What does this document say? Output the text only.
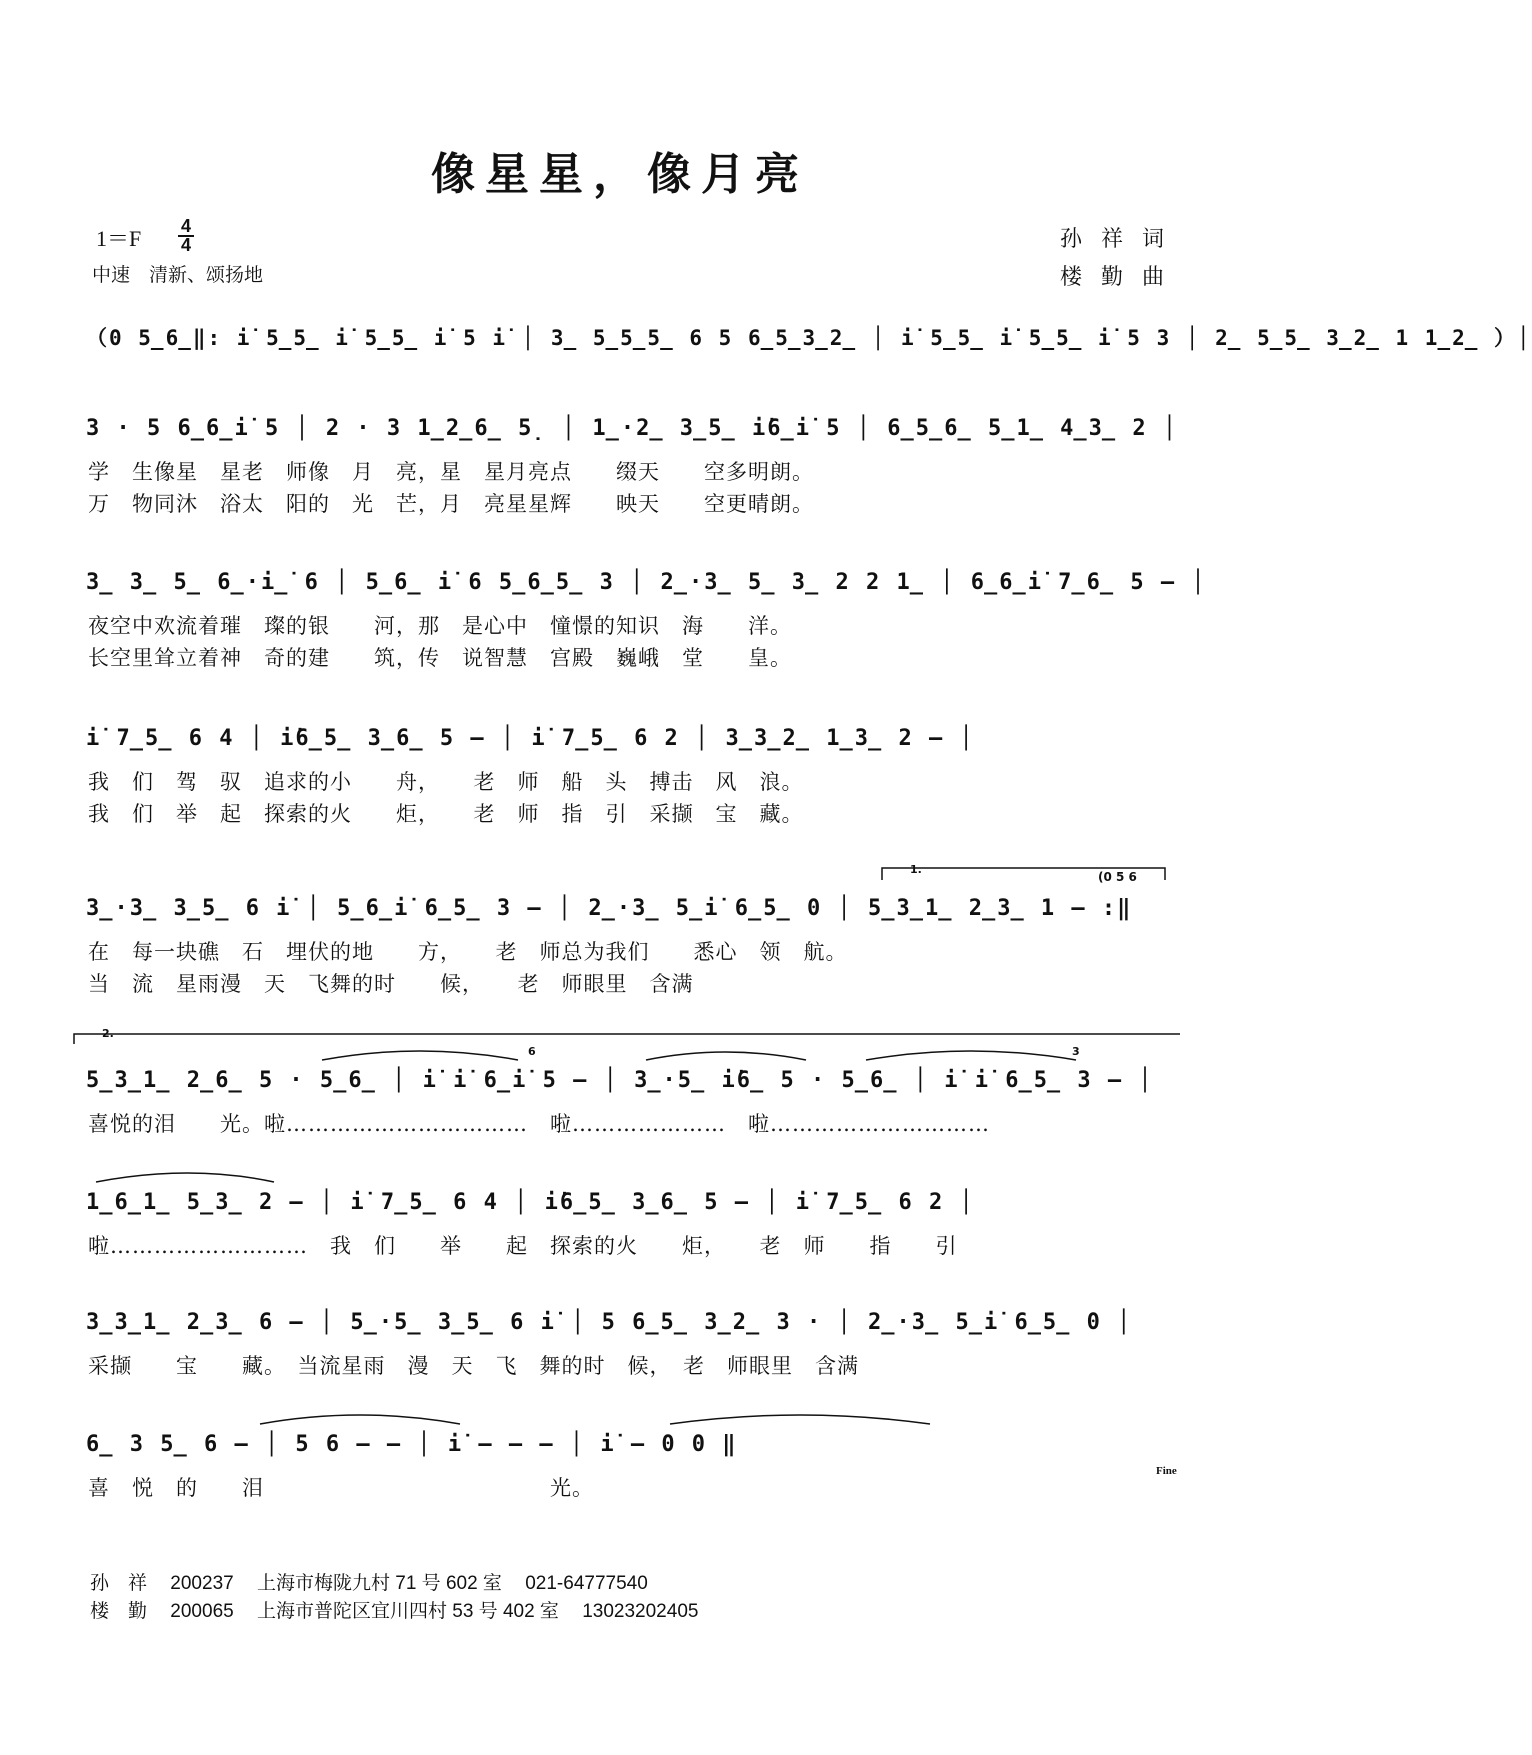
像星星，像月亮
1＝F 4
4
中速　清新、颂扬地
孙 祥 词
楼 勤 曲
（0 5̲6̲‖: i̇ 5̲5̲ i̇ 5̲5̲ i̇ 5 i̇ │ 3̲ 5̲5̲5̲ 6 5 6̲5̲3̲2̲ │ i̇ 5̲5̲ i̇ 5̲5̲ i̇ 5 3 │ 2̲ 5̲5̲ 3̲2̲ 1 1̲2̲ ）│
3 · 5 6̲6̲i̇ 5 │ 2 · 3 1̲2̲6̲ 5̣ │ 1̲·2̲ 3̲5̲ i̇6̲i̇ 5 │ 6̲5̲6̲ 5̲1̲ 4̲3̲ 2 │
学　生像星　星老　师像　月　亮，星　星月亮点　　缀天　　空多明朗。
万　物同沐　浴太　阳的　光　芒，月　亮星星辉　　映天　　空更晴朗。
3̲ 3̲ 5̲ 6̲·i̲̇ 6 │ 5̲6̲ i̇ 6 5̲6̲5̲ 3 │ 2̲·3̲ 5̲ 3̲ 2 2 1̲ │ 6̲6̲i̇ 7̲6̲ 5 – │
夜空中欢流着璀　璨的银　　河，那　是心中　憧憬的知识　海　　洋。
长空里耸立着神　奇的建　　筑，传　说智慧　宫殿　巍峨　堂　　皇。
i̇ 7̲5̲ 6 4 │ i̇6̲5̲ 3̲6̲ 5 – │ i̇ 7̲5̲ 6 2 │ 3̲3̲2̲ 1̲3̲ 2 – │
我　们　驾　驭　追求的小　　舟，　　老　师　船　头　搏击　风　浪。
我　们　举　起　探索的火　　炬，　　老　师　指　引　采撷　宝　藏。
1.
(0 5 6
3̲·3̲ 3̲5̲ 6 i̇ │ 5̲6̲i̇ 6̲5̲ 3 – │ 2̲·3̲ 5̲i̇ 6̲5̲ 0 │ 5̲3̲1̲ 2̲3̲ 1 – :‖
在　每一块礁　石　埋伏的地　　方，　　老　师总为我们　　悉心　领　航。
当　流　星雨漫　天　飞舞的时　　候，　　老　师眼里　含满
2.
6	3
5̲3̲1̲ 2̲6̲ 5 · 5̲6̲ │ i̇ i̇ 6̲i̇ 5 – │ 3̲·5̲ i̇6̲ 5 · 5̲6̲ │ i̇ i̇ 6̲5̲ 3 – │
喜悦的泪　　光。啦……………………………　啦…………………　啦…………………………
1̲6̲1̲ 5̲3̲ 2 – │ i̇ 7̲5̲ 6 4 │ i̇6̲5̲ 3̲6̲ 5 – │ i̇ 7̲5̲ 6 2 │
啦………………………　我　们　　举　　起　探索的火　　炬，　　老　师　　指　　引
3̲3̲1̲ 2̲3̲ 6 – │ 5̲·5̲ 3̲5̲ 6 i̇ │ 5 6̲5̲ 3̲2̲ 3 · │ 2̲·3̲ 5̲i̇ 6̲5̲ 0 │
采撷　　宝　　藏。　当流星雨　漫　天　飞　舞的时　候，　老　师眼里　含满
6̲ 3 5̲ 6 – │ 5 6 – – │ i̇ – – – │ i̇ – 0 0 ‖
喜　悦　的　　泪　　　　　　　　　　　　　光。
Fine
孙　祥 200237 上海市梅陇九村 71 号 602 室 021-64777540
楼　勤 200065 上海市普陀区宜川四村 53 号 402 室 13023202405
